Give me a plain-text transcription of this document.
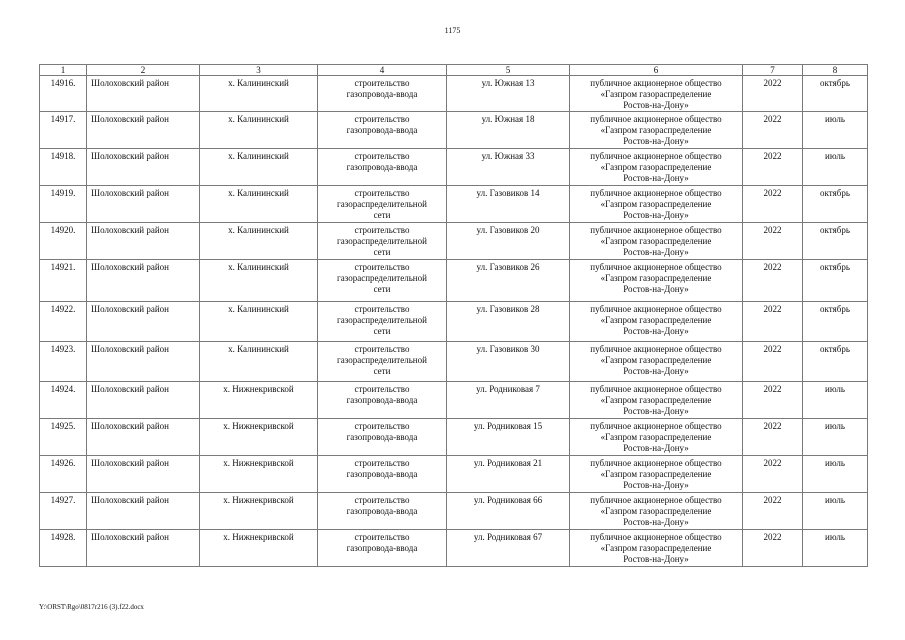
1175
1	2	3	4	5	6	7	8
14916.	Шолоховский район	х. Калининский	строительство
газопровода-ввода	ул. Южная 13	публичное акционерное общество
«Газпром газораспределение
Ростов-на-Дону»	2022	октябрь
14917.	Шолоховский район	х. Калининский	строительство
газопровода-ввода	ул. Южная 18	публичное акционерное общество
«Газпром газораспределение
Ростов-на-Дону»	2022	июль
14918.	Шолоховский район	х. Калининский	строительство
газопровода-ввода	ул. Южная 33	публичное акционерное общество
«Газпром газораспределение
Ростов-на-Дону»	2022	июль
14919.	Шолоховский район	х. Калининский	строительство
газораспределительной
сети	ул. Газовиков 14	публичное акционерное общество
«Газпром газораспределение
Ростов-на-Дону»	2022	октябрь
14920.	Шолоховский район	х. Калининский	строительство
газораспределительной
сети	ул. Газовиков 20	публичное акционерное общество
«Газпром газораспределение
Ростов-на-Дону»	2022	октябрь
14921.	Шолоховский район	х. Калининский	строительство
газораспределительной
сети	ул. Газовиков 26	публичное акционерное общество
«Газпром газораспределение
Ростов-на-Дону»	2022	октябрь
14922.	Шолоховский район	х. Калининский	строительство
газораспределительной
сети	ул. Газовиков 28	публичное акционерное общество
«Газпром газораспределение
Ростов-на-Дону»	2022	октябрь
14923.	Шолоховский район	х. Калининский	строительство
газораспределительной
сети	ул. Газовиков 30	публичное акционерное общество
«Газпром газораспределение
Ростов-на-Дону»	2022	октябрь
14924.	Шолоховский район	х. Нижнекривской	строительство
газопровода-ввода	ул. Родниковая 7	публичное акционерное общество
«Газпром газораспределение
Ростов-на-Дону»	2022	июль
14925.	Шолоховский район	х. Нижнекривской	строительство
газопровода-ввода	ул. Родниковая 15	публичное акционерное общество
«Газпром газораспределение
Ростов-на-Дону»	2022	июль
14926.	Шолоховский район	х. Нижнекривской	строительство
газопровода-ввода	ул. Родниковая 21	публичное акционерное общество
«Газпром газораспределение
Ростов-на-Дону»	2022	июль
14927.	Шолоховский район	х. Нижнекривской	строительство
газопровода-ввода	ул. Родниковая 66	публичное акционерное общество
«Газпром газораспределение
Ростов-на-Дону»	2022	июль
14928.	Шолоховский район	х. Нижнекривской	строительство
газопровода-ввода	ул. Родниковая 67	публичное акционерное общество
«Газпром газораспределение
Ростов-на-Дону»	2022	июль
Y:\ORST\Rgo\0817r216 (3).f22.docx
